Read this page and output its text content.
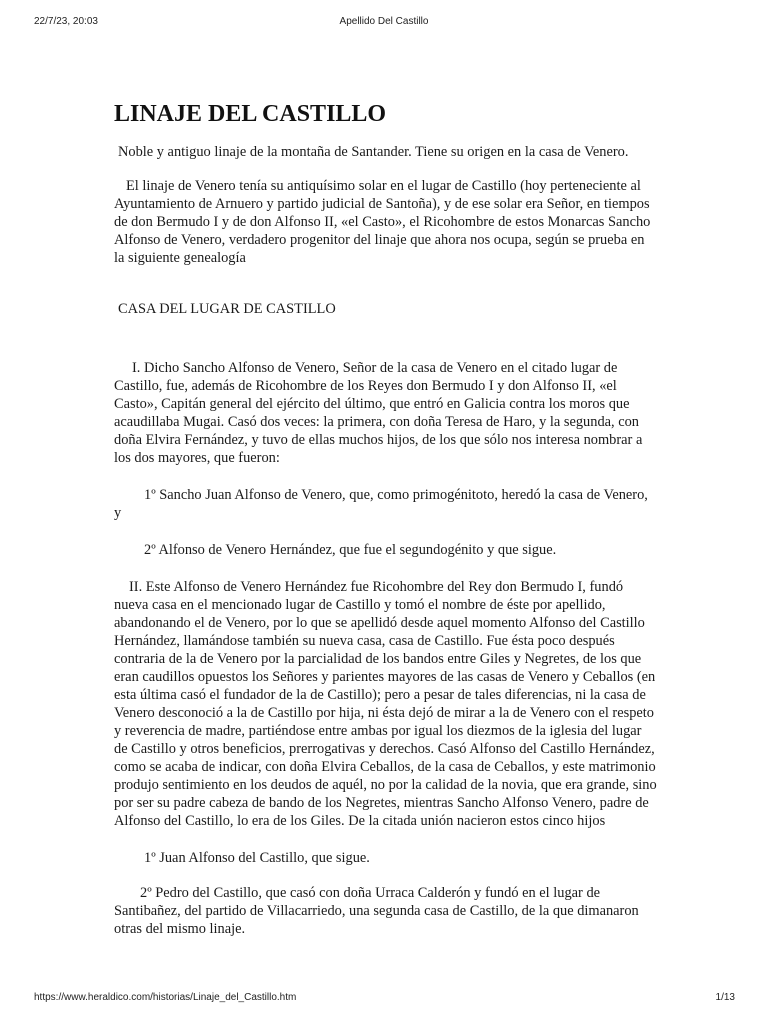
22/7/23, 20:03	Apellido Del Castillo
LINAJE DEL CASTILLO

Noble y antiguo linaje de la montaña de Santander. Tiene su origen en la casa de Venero.

El linaje de Venero tenía su antiquísimo solar en el lugar de Castillo (hoy perteneciente al Ayuntamiento de Arnuero y partido judicial de Santoña), y de ese solar era Señor, en tiempos de don Bermudo I y de don Alfonso II, «el Casto», el Ricohombre de estos Monarcas Sancho Alfonso de Venero, verdadero progenitor del linaje que ahora nos ocupa, según se prueba en la siguiente genealogía

CASA DEL LUGAR DE CASTILLO

I. Dicho Sancho Alfonso de Venero, Señor de la casa de Venero en el citado lugar de Castillo, fue, además de Ricohombre de los Reyes don Bermudo I y don Alfonso II, «el Casto», Capitán general del ejército del último, que entró en Galicia contra los moros que acaudillaba Mugai. Casó dos veces: la primera, con doña Teresa de Haro, y la segunda, con doña Elvira Fernández, y tuvo de ellas muchos hijos, de los que sólo nos interesa nombrar a los dos mayores, que fueron:

1º Sancho Juan Alfonso de Venero, que, como primogénitoto, heredó la casa de Venero, y

2º Alfonso de Venero Hernández, que fue el segundogénito y que sigue.

II. Este Alfonso de Venero Hernández fue Ricohombre del Rey don Bermudo I, fundó nueva casa en el mencionado lugar de Castillo y tomó el nombre de éste por apellido, abandonando el de Venero, por lo que se apellidó desde aquel momento Alfonso del Castillo Hernández, llamándose también su nueva casa, casa de Castillo. Fue ésta poco después contraria de la de Venero por la parcialidad de los bandos entre Giles y Negretes, de los que eran caudillos opuestos los Señores y parientes mayores de las casas de Venero y Ceballos (en esta última casó el fundador de la de Castillo); pero a pesar de tales diferencias, ni la casa de Venero desconoció a la de Castillo por hija, ni ésta dejó de mirar a la de Venero con el respeto y reverencia de madre, partiéndose entre ambas por igual los diezmos de la iglesia del lugar de Castillo y otros beneficios, prerrogativas y derechos. Casó Alfonso del Castillo Hernández, como se acaba de indicar, con doña Elvira Ceballos, de la casa de Ceballos, y este matrimonio produjo sentimiento en los deudos de aquél, no por la calidad de la novia, que era grande, sino por ser su padre cabeza de bando de los Negretes, mientras Sancho Alfonso Venero, padre de Alfonso del Castillo, lo era de los Giles. De la citada unión nacieron estos cinco hijos

1º Juan Alfonso del Castillo, que sigue.

2º Pedro del Castillo, que casó con doña Urraca Calderón y fundó en el lugar de Santibañez, del partido de Villacarriedo, una segunda casa de Castillo, de la que dimanaron otras del mismo linaje.

https://www.heraldico.com/historias/Linaje_del_Castillo.htm	1/13
